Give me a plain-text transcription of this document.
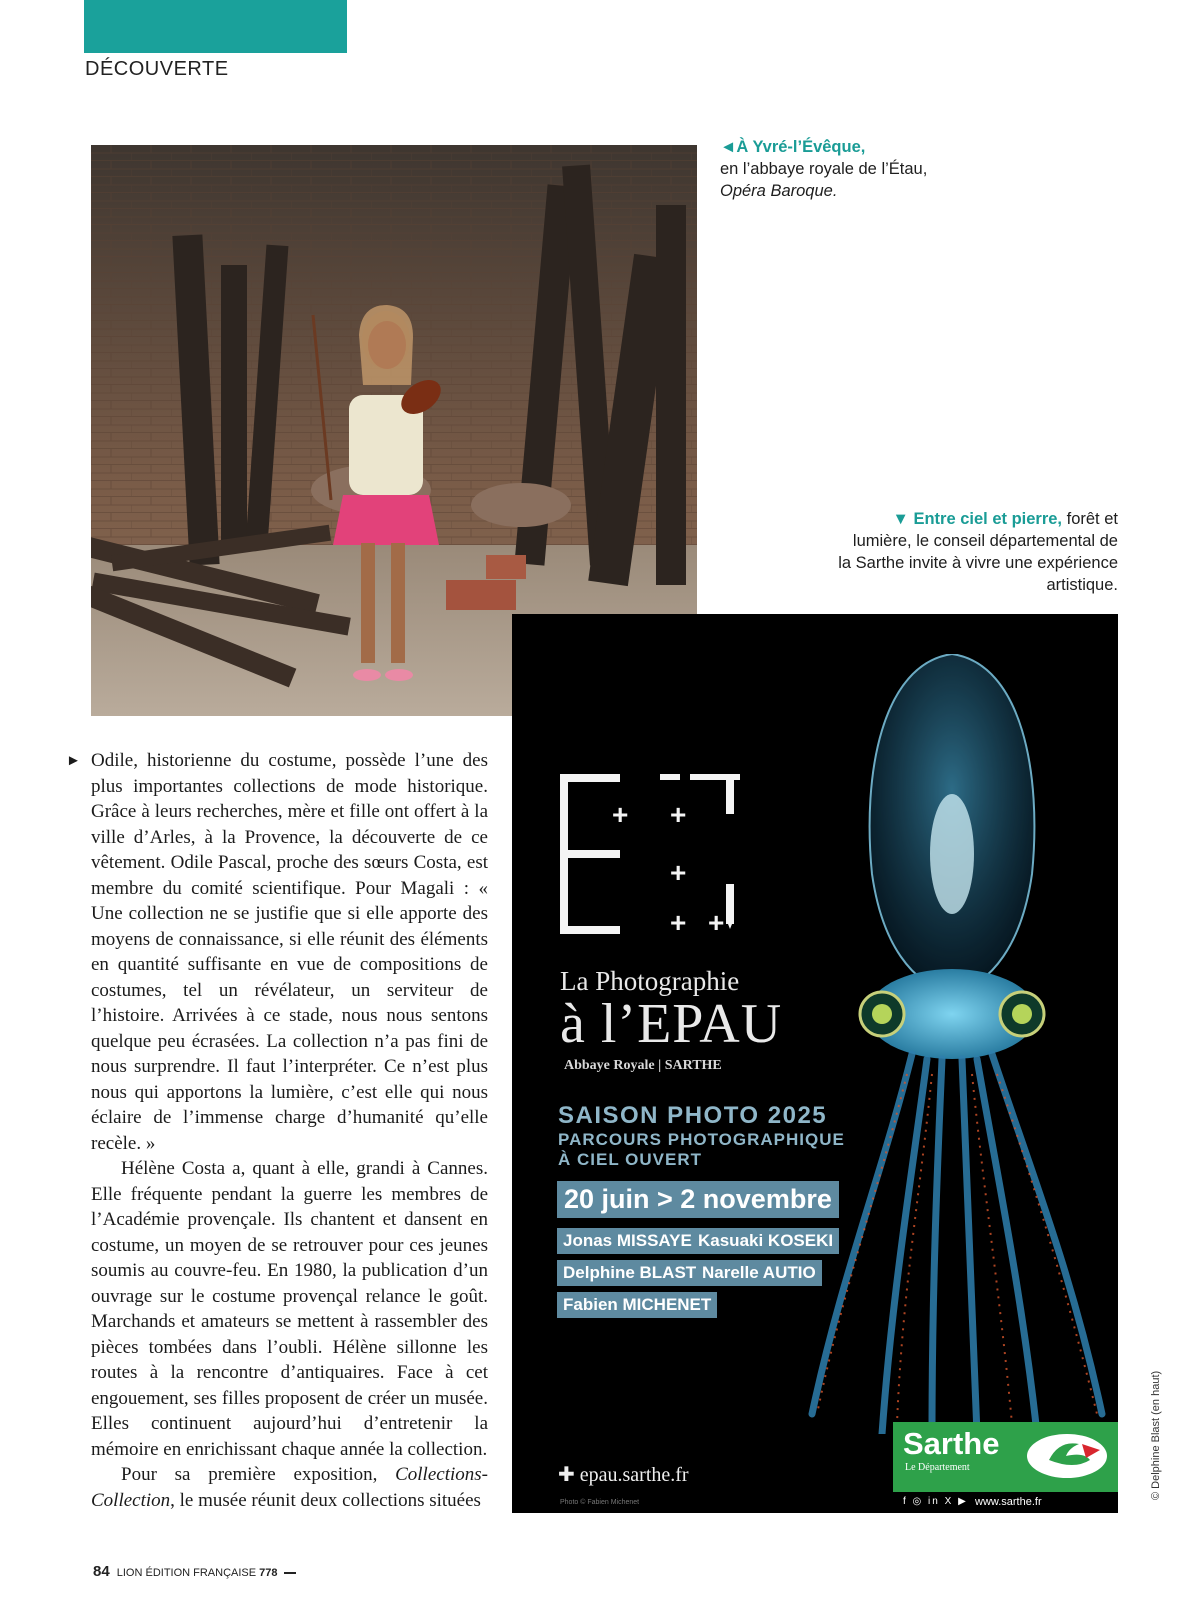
DÉCOUVERTE
◄À Yvré-l’Évêque,
en l’abbaye royale de l’Étau,
Opéra Baroque.
▼ Entre ciel et pierre, forêt et lumière, le conseil départemental de la Sarthe invite à vivre une expérience artistique.
► Odile, historienne du costume, possède l’une des plus importantes collections de mode historique. Grâce à leurs recherches, mère et fille ont offert à la ville d’Arles, à la Provence, la découverte de ce vêtement. Odile Pascal, proche des sœurs Costa, est membre du comité scientifique. Pour Magali : « Une collection ne se justifie que si elle apporte des moyens de connaissance, si elle réunit des éléments en quantité suffisante en vue de compositions de costumes, tel un révélateur, un serviteur de l’histoire. Arrivées à ce stade, nous nous sentons quelque peu écrasées. La collection n’a pas fini de nous surprendre. Il faut l’interpréter. Ce n’est plus nous qui apportons la lumière, c’est elle qui nous éclaire de l’immense charge d’humanité qu’elle recèle. »

Hélène Costa a, quant à elle, grandi à Cannes. Elle fréquente pendant la guerre les membres de l’Académie provençale. Ils chantent et dansent en costume, un moyen de se retrouver pour ces jeunes soumis au couvre-feu. En 1980, la publication d’un ouvrage sur le costume provençal relance le goût. Marchands et amateurs se mettent à rassembler des pièces tombées dans l’oubli. Hélène sillonne les routes à la rencontre d’antiquaires. Face à cet engouement, ses filles proposent de créer un musée. Elles continuent aujourd’hui d’entretenir la mémoire en enrichissant chaque année la collection.

Pour sa première exposition, Collections-Collection, le musée réunit deux collections situées

+ +
+
+ +
La Photographie
à l’EPAU
Abbaye Royale | SARTHE
SAISON PHOTO 2025
PARCOURS PHOTOGRAPHIQUE À CIEL OUVERT
20 juin > 2 novembre
Jonas MISSAYE Kasuaki KOSEKI
Delphine BLAST Narelle AUTIO
Fabien MICHENET
✚ epau.sarthe.fr
Photo © Fabien Michenet
Sarthe
Le Département
f ◎ in X ▶ www.sarthe.fr
© Delphine Blast (en haut)
84 LION ÉDITION FRANÇAISE 778
